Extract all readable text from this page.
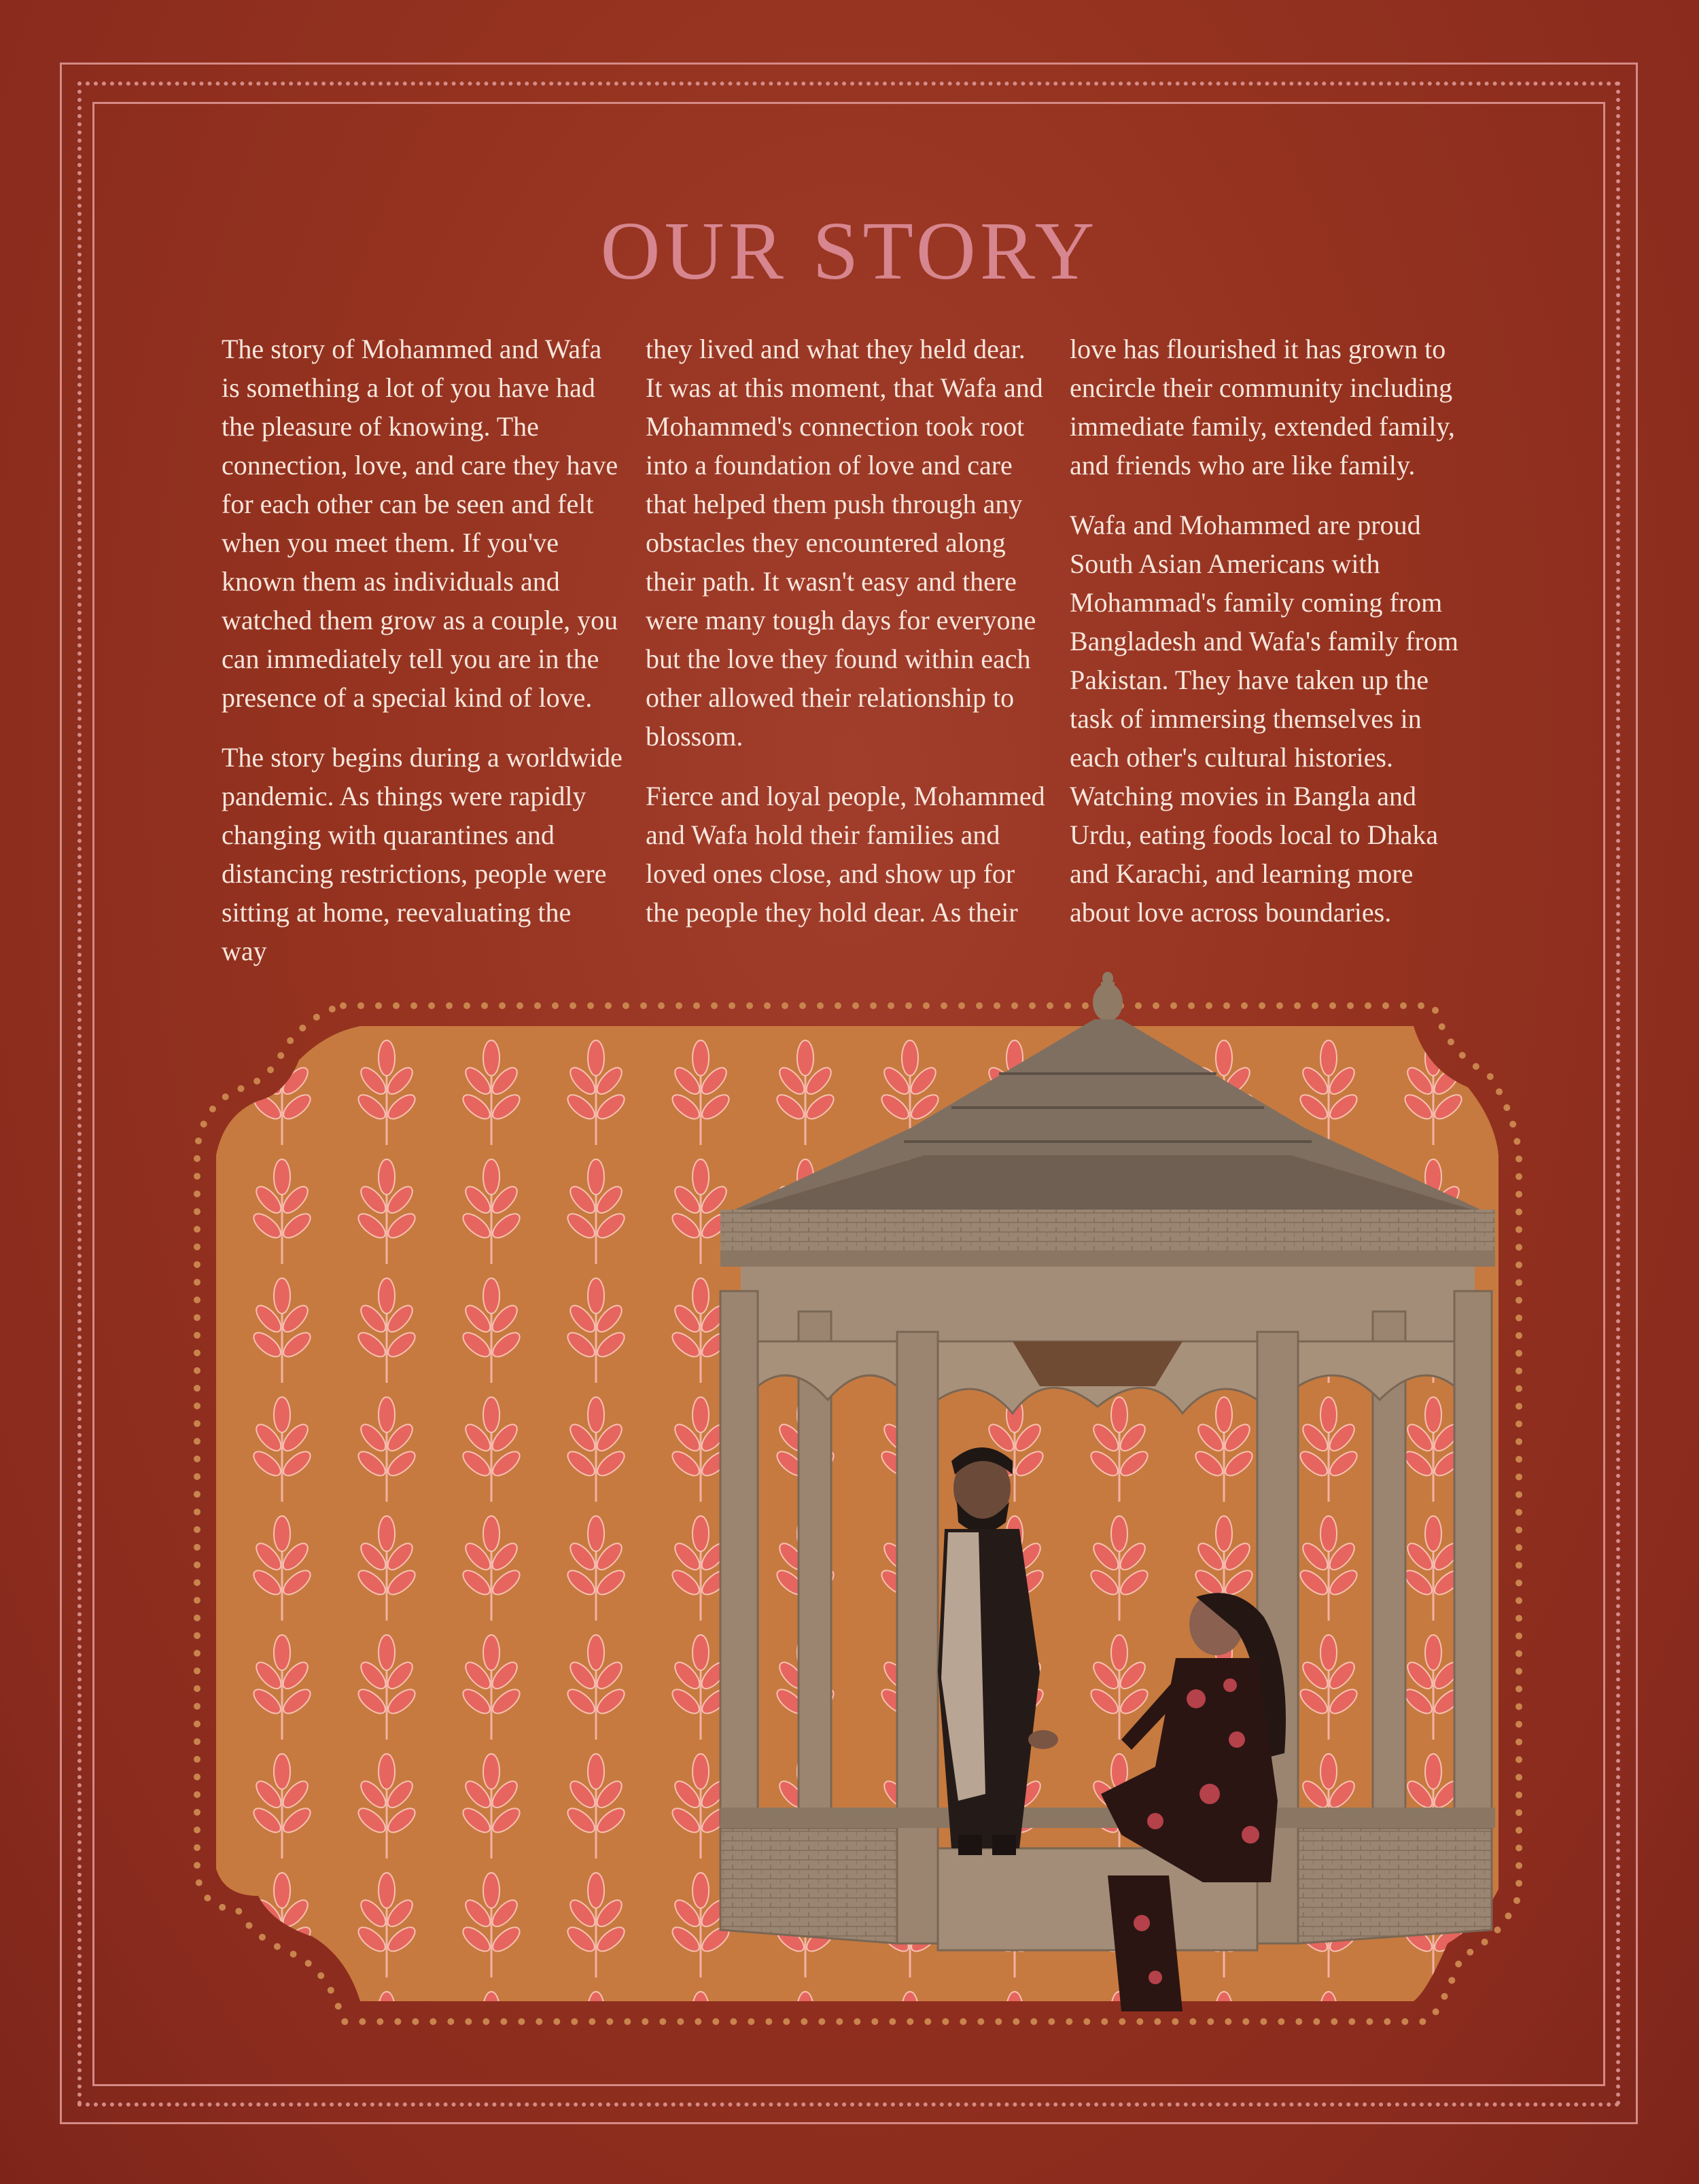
OUR STORY

The story of Mohammed and Wafa is something a lot of you have had the pleasure of knowing. The connection, love, and care they have for each other can be seen and felt when you meet them. If you've known them as individuals and watched them grow as a couple, you can immediately tell you are in the presence of a special kind of love.

The story begins during a worldwide pandemic. As things were rapidly changing with quarantines and distancing restrictions, people were sitting at home, reevaluating the way

they lived and what they held dear. It was at this moment, that Wafa and Mohammed's connection took root into a foundation of love and care that helped them push through any obstacles they encountered along their path. It wasn't easy and there were many tough days for everyone but the love they found within each other allowed their relationship to blossom.

Fierce and loyal people, Mohammed and Wafa hold their families and loved ones close, and show up for the people they hold dear. As their

love has flourished it has grown to encircle their community including immediate family, extended family, and friends who are like family.

Wafa and Mohammed are proud South Asian Americans with Mohammad's family coming from Bangladesh and Wafa's family from Pakistan. They have taken up the task of immersing themselves in each other's cultural histories. Watching movies in Bangla and Urdu, eating foods local to Dhaka and Karachi, and learning more about love across boundaries.
